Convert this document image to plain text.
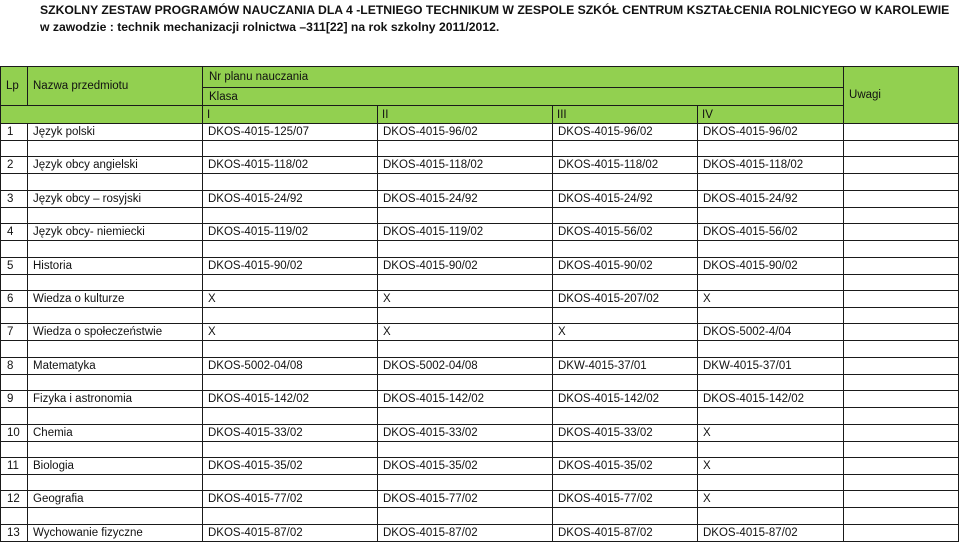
SZKOLNY ZESTAW PROGRAMÓW NAUCZANIA DLA 4 -LETNIEGO TECHNIKUM W ZESPOLE SZKÓŁ CENTRUM KSZTAŁCENIA ROLNICYEGO W KAROLEWIE
w zawodzie : technik mechanizacji rolnictwa –311[22] na rok szkolny 2011/2012.
Lp	Nazwa przedmiotu	Nr planu nauczania				Uwagi
		Klasa				
		I	II	III	IV	
1	Język polski	DKOS-4015-125/07	DKOS-4015-96/02	DKOS-4015-96/02	DKOS-4015-96/02	

2	Język obcy angielski	DKOS-4015-118/02	DKOS-4015-118/02	DKOS-4015-118/02	DKOS-4015-118/02	

3	Język obcy – rosyjski	DKOS-4015-24/92	DKOS-4015-24/92	DKOS-4015-24/92	DKOS-4015-24/92	

4	Język obcy- niemiecki	DKOS-4015-119/02	DKOS-4015-119/02	DKOS-4015-56/02	DKOS-4015-56/02	

5	Historia	DKOS-4015-90/02	DKOS-4015-90/02	DKOS-4015-90/02	DKOS-4015-90/02	

6	Wiedza o kulturze	X	X	DKOS-4015-207/02	X	

7	Wiedza o społeczeństwie	X	X	X	DKOS-5002-4/04	

8	Matematyka	DKOS-5002-04/08	DKOS-5002-04/08	DKW-4015-37/01	DKW-4015-37/01	

9	Fizyka i astronomia	DKOS-4015-142/02	DKOS-4015-142/02	DKOS-4015-142/02	DKOS-4015-142/02	

10	Chemia	DKOS-4015-33/02	DKOS-4015-33/02	DKOS-4015-33/02	X	

11	Biologia	DKOS-4015-35/02	DKOS-4015-35/02	DKOS-4015-35/02	X	

12	Geografia	DKOS-4015-77/02	DKOS-4015-77/02	DKOS-4015-77/02	X	

13	Wychowanie fizyczne	DKOS-4015-87/02	DKOS-4015-87/02	DKOS-4015-87/02	DKOS-4015-87/02	
